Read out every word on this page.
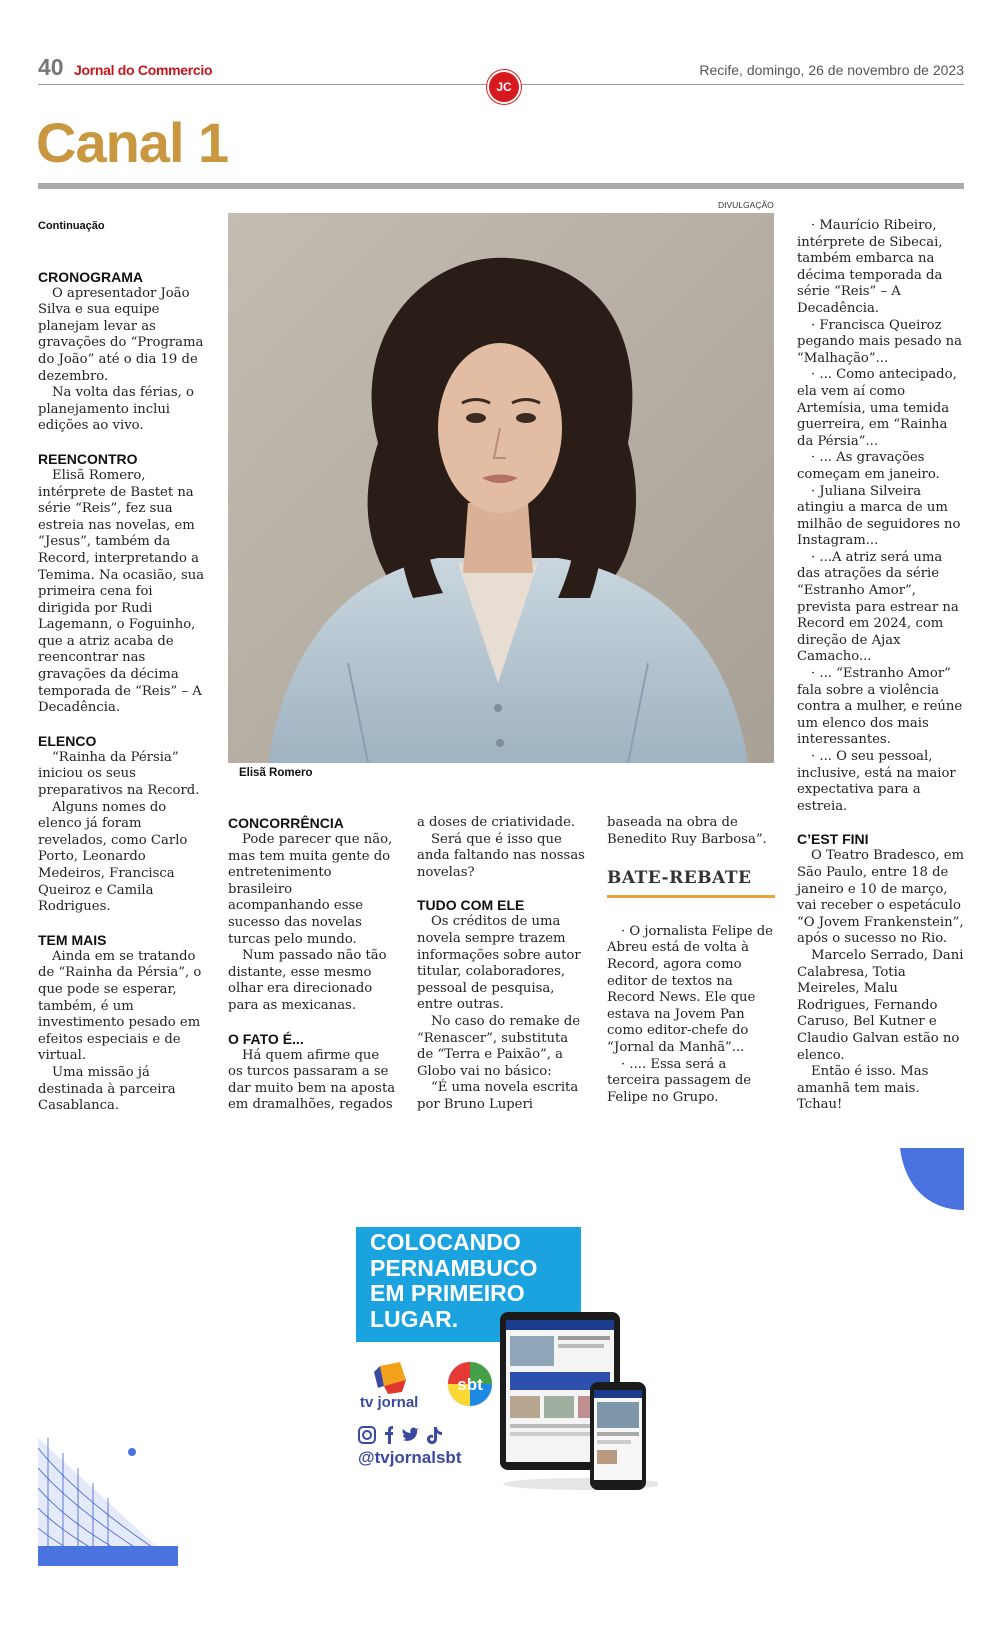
40 Jornal do Commercio	Recife, domingo, 26 de novembro de 2023
JC
Canal 1
Continuação
CRONOGRAMA

O apresentador João Silva e sua equipe planejam levar as gravações do “Programa do João” até o dia 19 de dezembro.

Na volta das férias, o planejamento inclui edições ao vivo.

REENCONTRO

Elisã Romero, intérprete de Bastet na série “Reis”, fez sua estreia nas novelas, em “Jesus”, também da Record, interpretando a Temima. Na ocasião, sua primeira cena foi dirigida por Rudi Lagemann, o Foguinho, que a atriz acaba de reencontrar nas gravações da décima temporada de “Reis” – A Decadência.

ELENCO

“Rainha da Pérsia” iniciou os seus preparativos na Record.

Alguns nomes do elenco já foram revelados, como Carlo Porto, Leonardo Medeiros, Francisca Queiroz e Camila Rodrigues.

TEM MAIS

Ainda em se tratando de “Rainha da Pérsia”, o que pode se esperar, também, é um investimento pesado em efeitos especiais e de virtual.

Uma missão já destinada à parceira Casablanca.

DIVULGAÇÃO
Elisã Romero
CONCORRÊNCIA

Pode parecer que não, mas tem muita gente do entretenimento brasileiro acompanhando esse sucesso das novelas turcas pelo mundo.

Num passado não tão distante, esse mesmo olhar era direcionado para as mexicanas.

O FATO É...

Há quem afirme que os turcos passaram a se dar muito bem na aposta em dramalhões, regados

a doses de criatividade.

Será que é isso que anda faltando nas nossas novelas?

TUDO COM ELE

Os créditos de uma novela sempre trazem informações sobre autor titular, colaboradores, pessoal de pesquisa, entre outras.

No caso do remake de “Renascer”, substituta de “Terra e Paixão”, a Globo vai no básico:

“É uma novela escrita por Bruno Luperi

baseada na obra de Benedito Ruy Barbosa”.

BATE-REBATE

· O jornalista Felipe de Abreu está de volta à Record, agora como editor de textos na Record News. Ele que estava na Jovem Pan como editor-chefe do “Jornal da Manhã”...

· .... Essa será a terceira passagem de Felipe no Grupo.

· Maurício Ribeiro, intérprete de Sibecai, também embarca na décima temporada da série “Reis” – A Decadência.

· Francisca Queiroz pegando mais pesado na “Malhação”...

· ... Como antecipado, ela vem aí como Artemísia, uma temida guerreira, em “Rainha da Pérsia”...

· ... As gravações começam em janeiro.

· Juliana Silveira atingiu a marca de um milhão de seguidores no Instagram...

· ...A atriz será uma das atrações da série “Estranho Amor”, prevista para estrear na Record em 2024, com direção de Ajax Camacho...

· ... “Estranho Amor” fala sobre a violência contra a mulher, e reúne um elenco dos mais interessantes.

· ... O seu pessoal, inclusive, está na maior expectativa para a estreia.

C’EST FINI

O Teatro Bradesco, em São Paulo, entre 18 de janeiro e 10 de março, vai receber o espetáculo “O Jovem Frankenstein”, após o sucesso no Rio.

Marcelo Serrado, Dani Calabresa, Totia Meireles, Malu Rodrigues, Fernando Caruso, Bel Kutner e Claudio Galvan estão no elenco.

Então é isso. Mas amanhã tem mais. Tchau!

COLOCANDO
PERNAMBUCO
EM PRIMEIRO
LUGAR.
tv jornal
sbt
@tvjornalsbt
